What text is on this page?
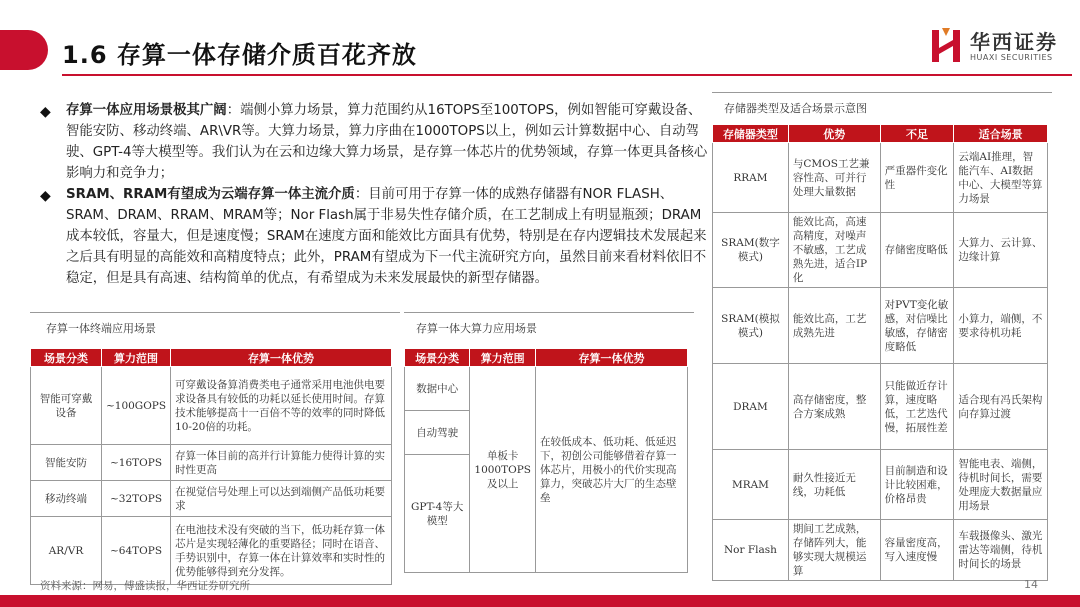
1.6 存算一体存储介质百花齐放	华西证券
HUAXI SECURITIES
◆ 存算一体应用场景极其广阔：端侧小算力场景，算力范围约从16TOPS至100TOPS，例如智能可穿戴设备、智能安防、移动终端、AR\VR等。大算力场景，算力序曲在1000TOPS以上，例如云计算数据中心、自动驾驶、GPT-4等大模型等。我们认为在云和边缘大算力场景，是存算一体芯片的优势领域，存算一体更具备核心影响力和竞争力；
◆ SRAM、RRAM有望成为云端存算一体主流介质：目前可用于存算一体的成熟存储器有NOR FLASH、SRAM、DRAM、RRAM、MRAM等；Nor Flash属于非易失性存储介质，在工艺制成上有明显瓶颈；DRAM成本较低，容量大，但是速度慢；SRAM在速度方面和能效比方面具有优势，特别是在存内逻辑技术发展起来之后具有明显的高能效和高精度特点；此外，PRAM有望成为下一代主流研究方向，虽然目前来看材料依旧不稳定，但是具有高速、结构简单的优点，有希望成为未来发展最快的新型存储器。
存算一体终端应用场景
场景分类	算力范围	存算一体优势
智能可穿戴设备	~100GOPS	可穿戴设备算消费类电子通常采用电池供电要求设备具有较低的功耗以延长使用时间。存算技术能够提高十一百倍不等的效率的同时降低10-20倍的功耗。
智能安防	~16TOPS	存算一体目前的高并行计算能力使得计算的实时性更高
移动终端	~32TOPS	在视觉信号处理上可以达到端侧产品低功耗要求
AR/VR	~64TOPS	在电池技术没有突破的当下，低功耗存算一体芯片是实现轻薄化的重要路径；同时在语音、手势识别中，存算一体在计算效率和实时性的优势能够得到充分发挥。
存算一体大算力应用场景
场景分类	算力范围	存算一体优势
数据中心	单板卡1000TOPS及以上	在较低成本、低功耗、低延迟下，初创公司能够借着存算一体芯片，用极小的代价实现高算力，突破芯片大厂的生态壁垒
自动驾驶		
GPT-4等大模型		
存储器类型及适合场景示意图
存储器类型	优势	不足	适合场景
RRAM	与CMOS工艺兼容性高、可并行处理大量数据	严重器件变化性	云端AI推理，智能汽车、AI数据中心、大模型等算力场景
SRAM(数字模式)	能效比高，高速高精度，对噪声不敏感，工艺成熟先进，适合IP化	存储密度略低	大算力、云计算、边缘计算
SRAM(模拟模式)	能效比高，工艺成熟先进	对PVT变化敏感，对信噪比敏感，存储密度略低	小算力，端侧，不要求待机功耗
DRAM	高存储密度，整合方案成熟	只能做近存计算，速度略低，工艺迭代慢，拓展性差	适合现有冯氏架构向存算过渡
MRAM	耐久性接近无线，功耗低	目前制造和设计比较困难，价格昂贵	智能电表、端侧，待机时间长，需要处理庞大数据量应用场景
Nor Flash	期间工艺成熟，存储阵列大，能够实现大规模运算	容量密度高，写入速度慢	车载摄像头、激光雷达等端侧，待机时间长的场景
资料来源：网易，傅盛读报，华西证券研究所	14
